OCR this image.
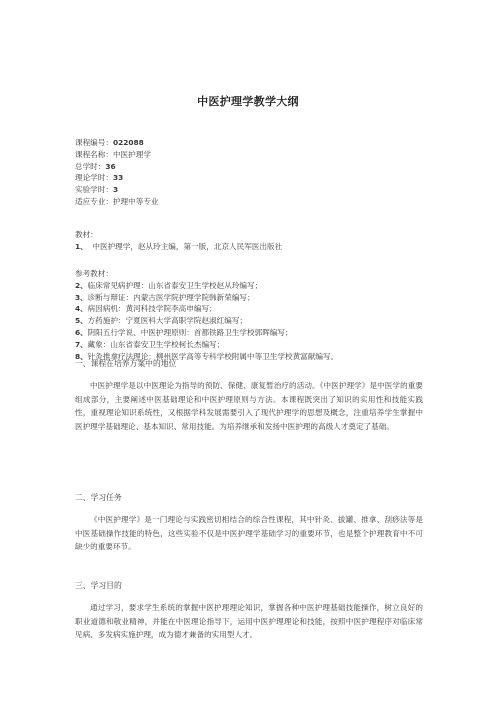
中医护理学教学大纲
课程编号：022088
课程名称：中医护理学
总学时：36
理论学时：33
实验学时：3
适应专业：护理中等专业
教材：
1、 中医护理学，赵从玲主编，第一版，北京人民军医出版社
参考教材：
2、临床常见病护理：山东省泰安卫生学校赵从玲编写；
3、诊断与辩证：内蒙古医学院护理学院韩新荣编写；
4、病因病机：黄河科技学院李高申编写；
5、方药施护：宁夏医科大学高职学院赵淑红编写；
6、阴阳五行学说、中医护理原则：首都铁路卫生学校郭晖编写；
7、藏象：山东省泰安卫生学校柯长杰编写；
8、针灸推拿疗法理论：柳州医学高等专科学校附属中等卫生学校黄富献编写。
一、课程在培养方案中的地位
中医护理学是以中医理论为指导的预防、保健、康复暂治疗的活动。《中医护理学》是中医学的重要组成部分，主要阐述中医基础理论和中医护理原则与方法。本课程既突出了知识的实用性和技能实践性，重视理论知识系统性，又根据学科发展需要引入了现代护理学的思想及概念，注重培养学生掌握中医护理学基础理论、基本知识、常用技能。为培养继承和发扬中医护理的高级人才奠定了基础。
二、学习任务
《中医护理学》是一门理论与实践密切相结合的综合性课程，其中针灸、拔罐、推拿、刮痧法等是中医基础操作技能的特色，这些实验不仅是中医护理学基础学习的重要环节，也是整个护理教育中不可缺少的重要环节。
三、学习目的
通过学习，要求学生系统的掌握中医护理理论知识，掌握各种中医护理基础技能操作，树立良好的职业道德和敬业精神，并能在中医理论指导下，运用中医护理理论和技能，按照中医护理程序对临床常见病、多发病实施护理，成为德才兼备的实用型人才。
